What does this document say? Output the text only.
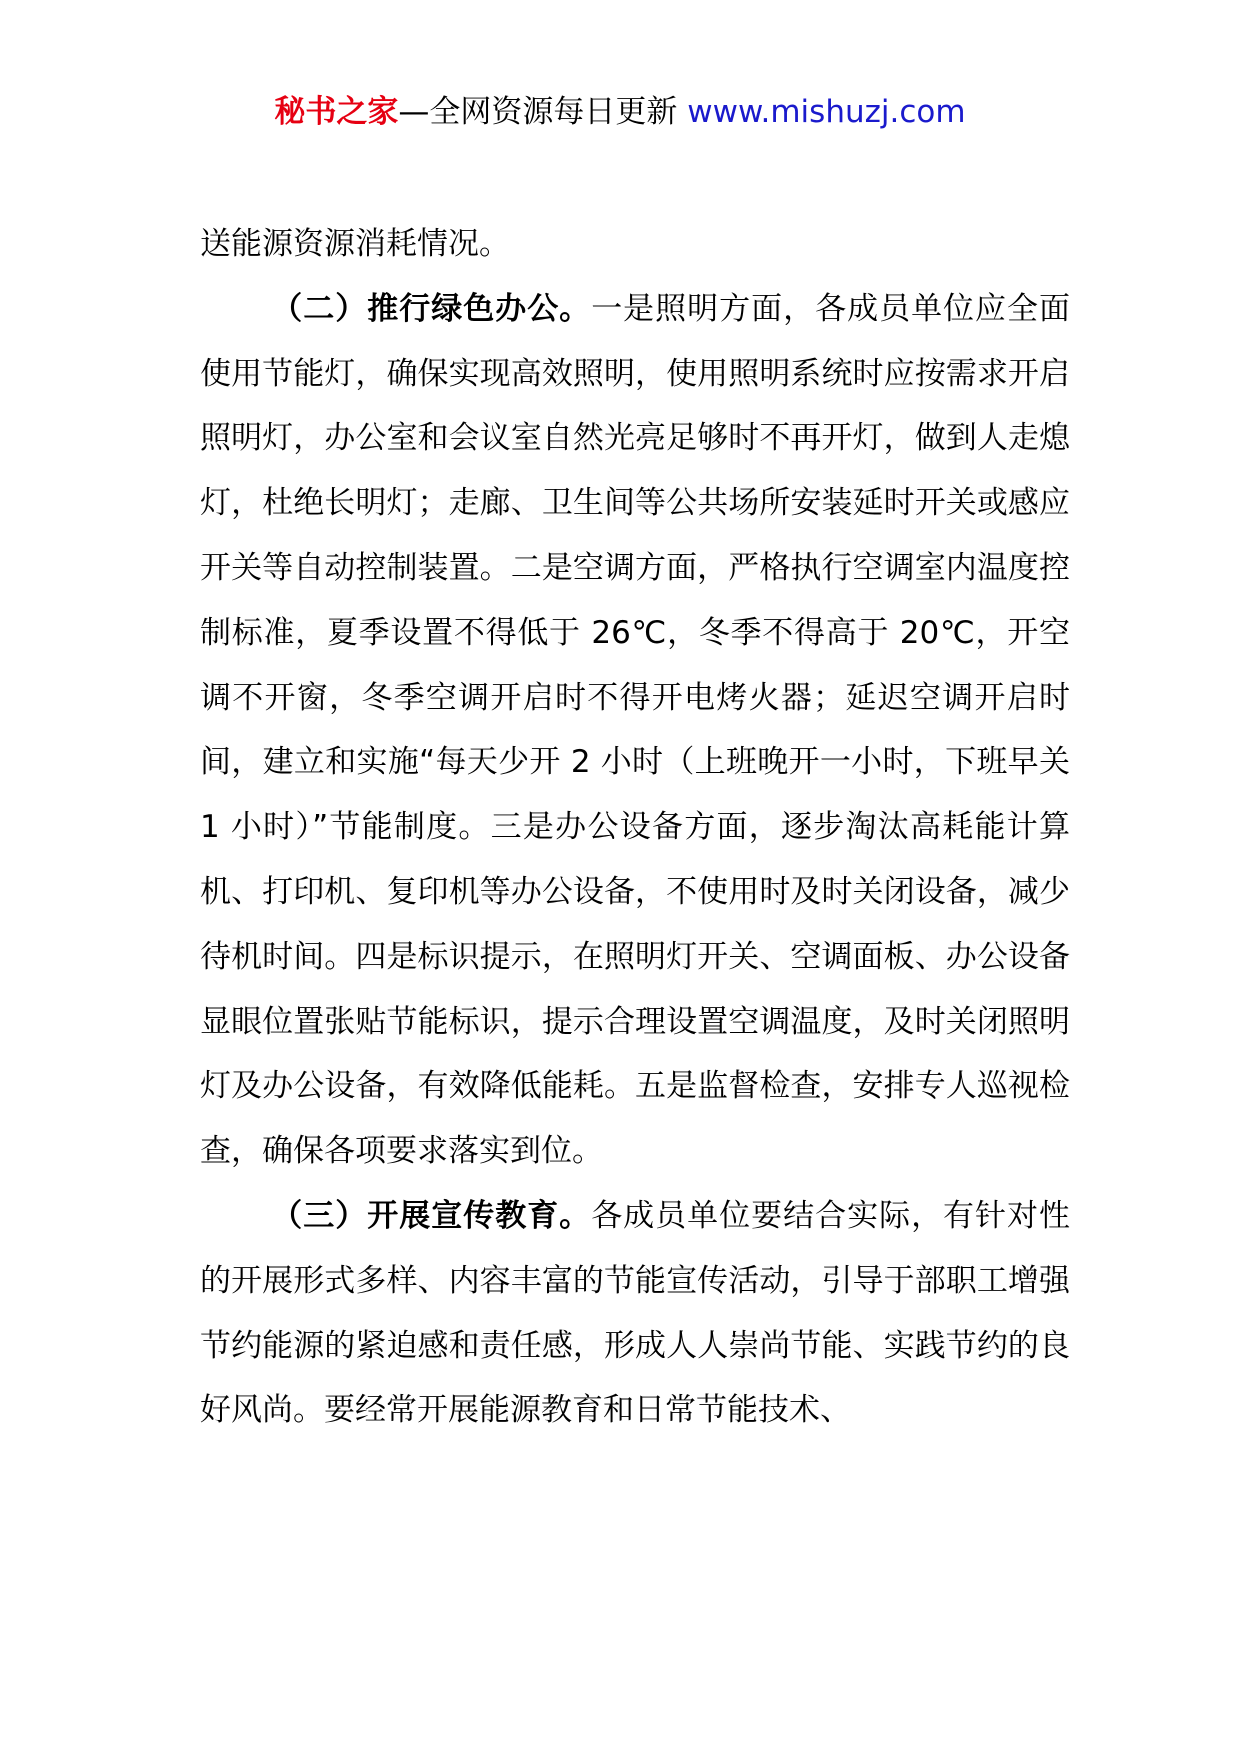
秘书之家—全网资源每日更新 www.mishuzj.com

送能源资源消耗情况。

（二）推行绿色办公。一是照明方面，各成员单位应全面使用节能灯，确保实现高效照明，使用照明系统时应按需求开启照明灯，办公室和会议室自然光亮足够时不再开灯，做到人走熄灯，杜绝长明灯；走廊、卫生间等公共场所安装延时开关或感应开关等自动控制装置。二是空调方面，严格执行空调室内温度控制标准，夏季设置不得低于 26℃，冬季不得高于 20℃，开空调不开窗，冬季空调开启时不得开电烤火器；延迟空调开启时间，建立和实施“每天少开 2 小时（上班晚开一小时，下班早关 1 小时）”节能制度。三是办公设备方面，逐步淘汰高耗能计算机、打印机、复印机等办公设备，不使用时及时关闭设备，减少待机时间。四是标识提示，在照明灯开关、空调面板、办公设备显眼位置张贴节能标识，提示合理设置空调温度，及时关闭照明灯及办公设备，有效降低能耗。五是监督检查，安排专人巡视检查，确保各项要求落实到位。

（三）开展宣传教育。各成员单位要结合实际，有针对性的开展形式多样、内容丰富的节能宣传活动，引导于部职工增强节约能源的紧迫感和责任感，形成人人崇尚节能、实践节约的良好风尚。要经常开展能源教育和日常节能技术、
